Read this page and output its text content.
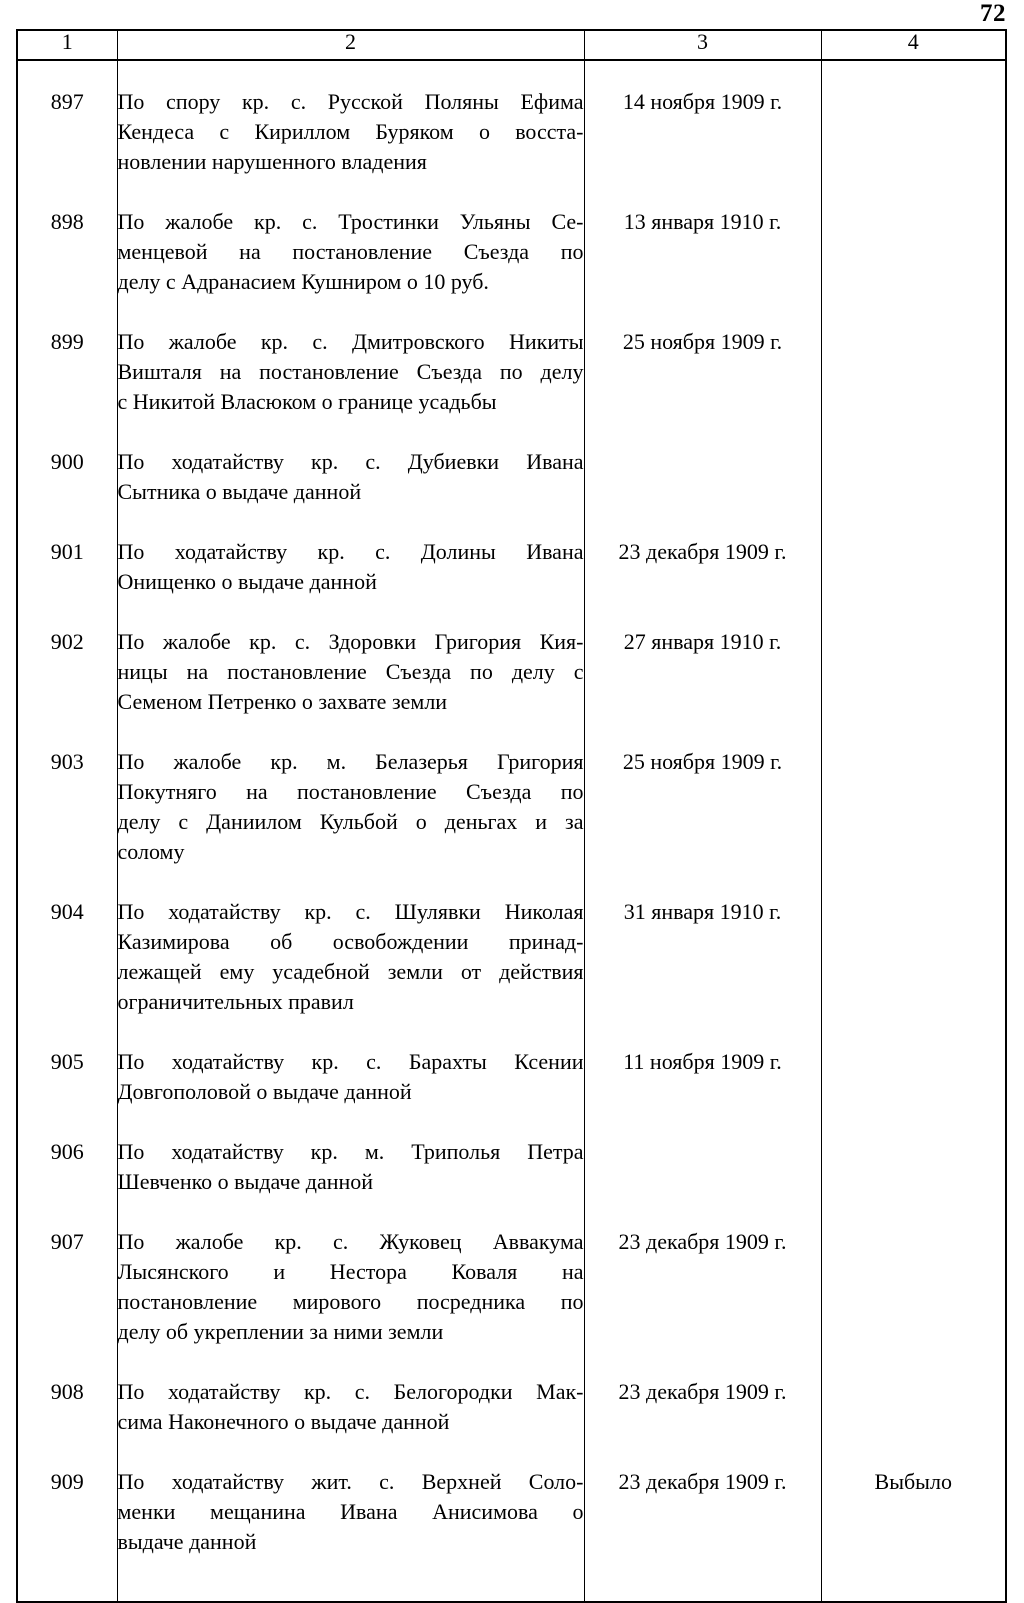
72
1	2	3	4

897	По спору кр. с. Русской Поляны Ефима
Кендеса с Кириллом Буряком о восста-
новлении нарушенного владения	14 ноября 1909 г.	

898	По жалобе кр. с. Тростинки Ульяны Се-
менцевой на постановление Съезда по
делу с Адранасием Кушниром о 10 руб.	13 января 1910 г.	

899	По жалобе кр. с. Дмитровского Никиты
Вишталя на постановление Съезда по делу
с Никитой Власюком о границе усадьбы	25 ноября 1909 г.	

900	По ходатайству кр. с. Дубиевки Ивана
Сытника о выдаче данной		

901	По ходатайству кр. с. Долины Ивана
Онищенко о выдаче данной	23 декабря 1909 г.	

902	По жалобе кр. с. Здоровки Григория Кия-
ницы на постановление Съезда по делу с
Семеном Петренко о захвате земли	27 января 1910 г.	

903	По жалобе кр. м. Белазерья Григория
Покутняго на постановление Съезда по
делу с Даниилом Кульбой о деньгах и за
солому	25 ноября 1909 г.	

904	По ходатайству кр. с. Шулявки Николая
Казимирова об освобождении принад-
лежащей ему усадебной земли от действия
ограничительных правил	31 января 1910 г.	

905	По ходатайству кр. с. Барахты Ксении
Довгополовой о выдаче данной	11 ноября 1909 г.	

906	По ходатайству кр. м. Триполья Петра
Шевченко о выдаче данной		

907	По жалобе кр. с. Жуковец Аввакума
Лысянского и Нестора Коваля на
постановление мирового посредника по
делу об укреплении за ними земли	23 декабря 1909 г.	

908	По ходатайству кр. с. Белогородки Мак-
сима Наконечного о выдаче данной	23 декабря 1909 г.	

909	По ходатайству жит. с. Верхней Соло-
менки мещанина Ивана Анисимова о
выдаче данной	23 декабря 1909 г.	Выбыло
